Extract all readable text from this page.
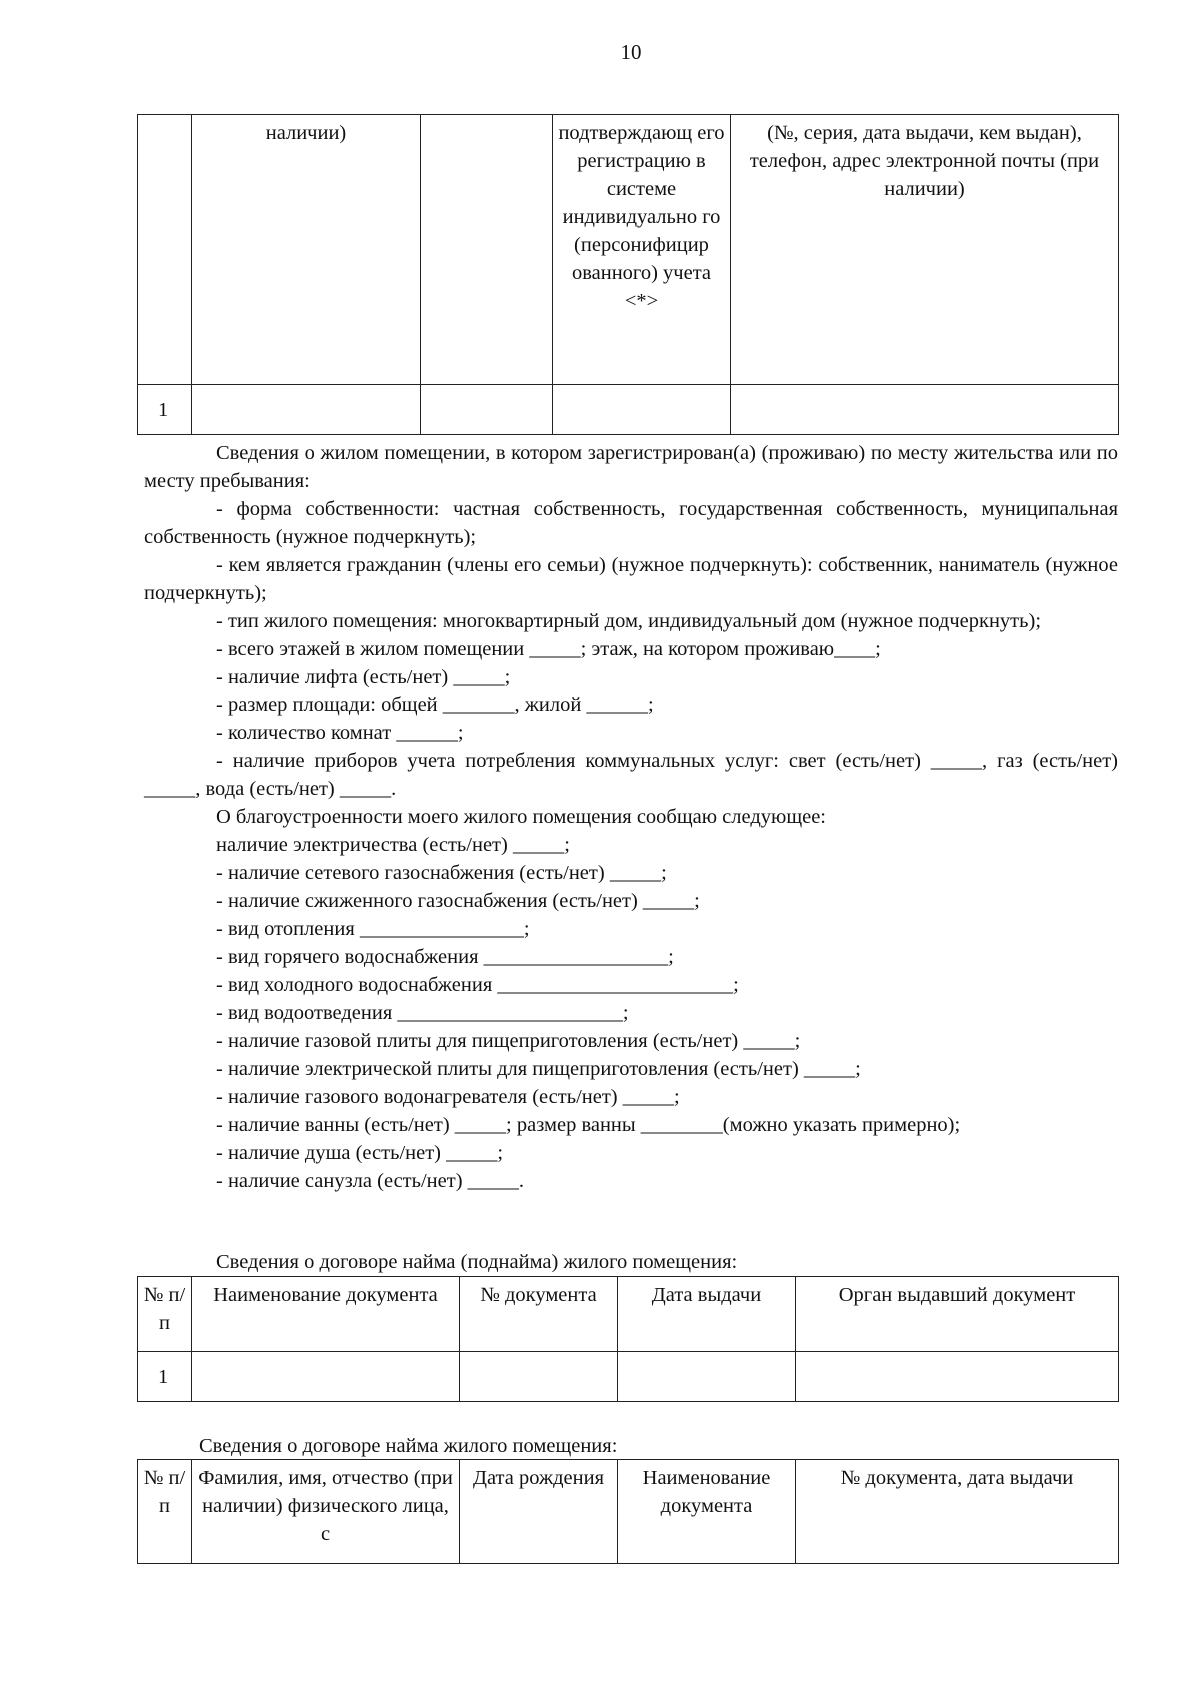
10
	наличии)		подтверждающ его регистрацию в системе индивидуально го (персонифицир ованного) учета <*>	(№, серия, дата выдачи, кем выдан), телефон, адрес электронной почты (при наличии)
1				

Сведения о жилом помещении, в котором зарегистрирован(а) (проживаю) по месту жительства или по месту пребывания:

- форма собственности: частная собственность, государственная собственность, муниципальная собственность (нужное подчеркнуть);

- кем является гражданин (члены его семьи) (нужное подчеркнуть): собственник, наниматель (нужное подчеркнуть);

- тип жилого помещения: многоквартирный дом, индивидуальный дом (нужное подчеркнуть);

- всего этажей в жилом помещении _____; этаж, на котором проживаю____;

- наличие лифта (есть/нет) _____;

- размер площади: общей _______, жилой ______;

- количество комнат ______;

- наличие приборов учета потребления коммунальных услуг: свет (есть/нет) _____, газ (есть/нет) _____, вода (есть/нет) _____.

О благоустроенности моего жилого помещения сообщаю следующее:

наличие электричества (есть/нет) _____;

- наличие сетевого газоснабжения (есть/нет) _____;

- наличие сжиженного газоснабжения (есть/нет) _____;

- вид отопления ________________;

- вид горячего водоснабжения __________________;

- вид холодного водоснабжения _______________________;

- вид водоотведения ______________________;

- наличие газовой плиты для пищеприготовления (есть/нет) _____;

- наличие электрической плиты для пищеприготовления (есть/нет) _____;

- наличие газового водонагревателя (есть/нет) _____;

- наличие ванны (есть/нет) _____; размер ванны ________(можно указать примерно);

- наличие душа (есть/нет) _____;

- наличие санузла (есть/нет) _____.

Сведения о договоре найма (поднайма) жилого помещения:
№ п/п	Наименование документа	№ документа	Дата выдачи	Орган выдавший документ
1				
Сведения о договоре найма жилого помещения:
№ п/п	Фамилия, имя, отчество (при наличии) физического лица, с	Дата рождения	Наименование документа	№ документа, дата выдачи
